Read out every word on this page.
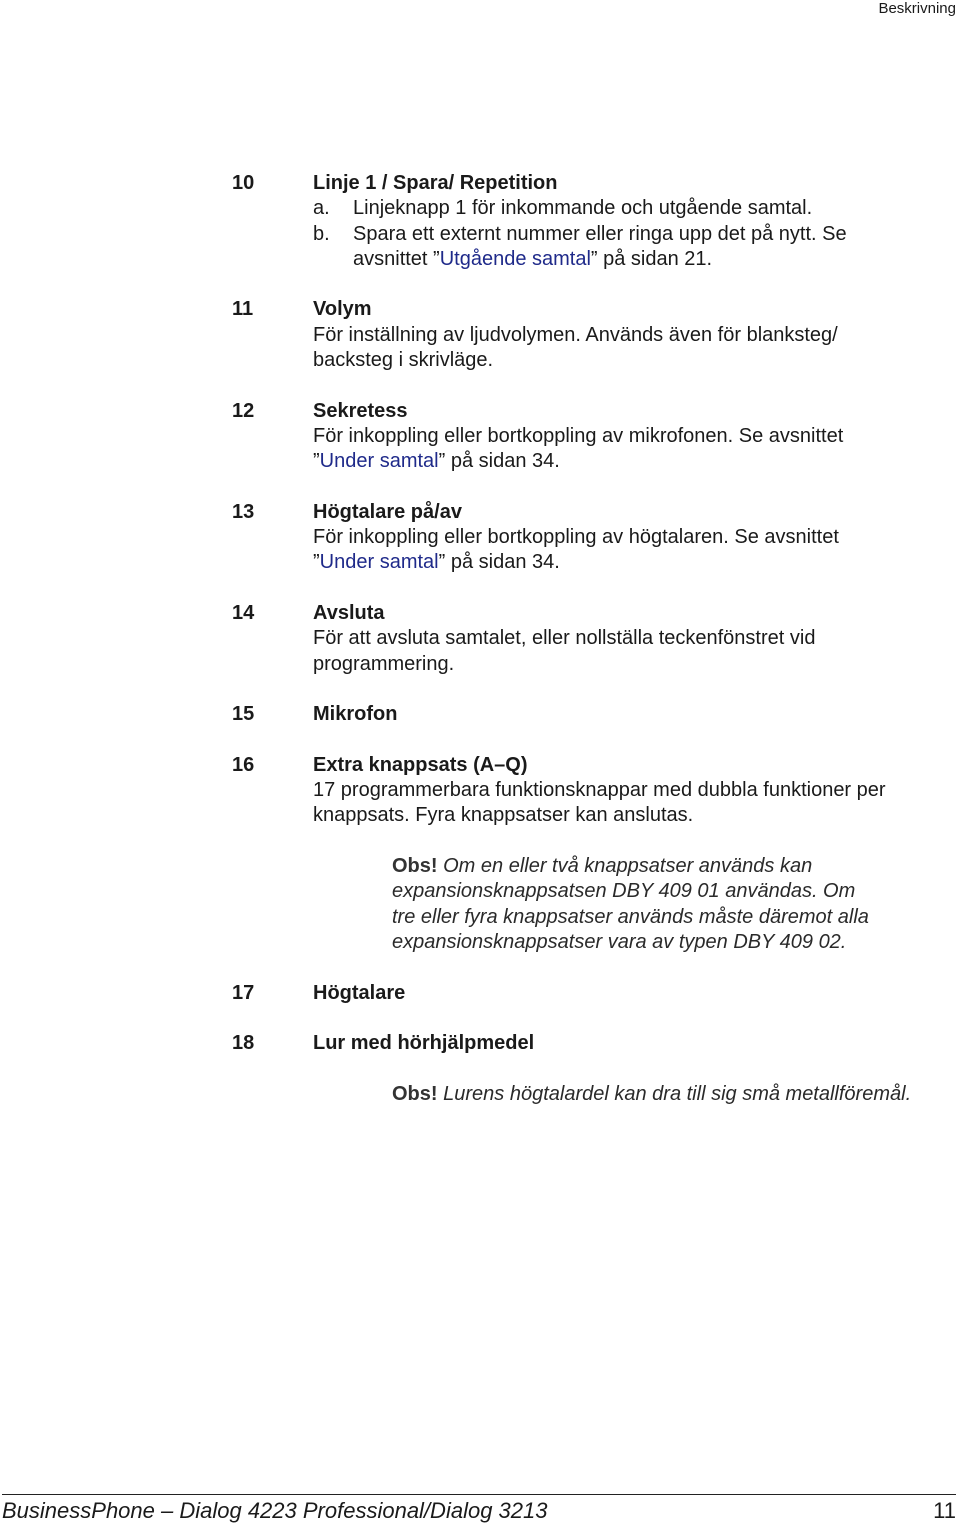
Beskrivning
10	Linje 1 / Spara/ Repetition
a. Linjeknapp 1 för inkommande och utgående samtal.
b. Spara ett externt nummer eller ringa upp det på nytt. Se
avsnittet ”Utgående samtal” på sidan 21.
11	Volym
För inställning av ljudvolymen. Används även för blanksteg/
backsteg i skrivläge.
12	Sekretess
För inkoppling eller bortkoppling av mikrofonen. Se avsnittet
”Under samtal” på sidan 34.
13	Högtalare på/av
För inkoppling eller bortkoppling av högtalaren. Se avsnittet
”Under samtal” på sidan 34.
14	Avsluta
För att avsluta samtalet, eller nollställa teckenfönstret vid
programmering.
15	Mikrofon
16	Extra knappsats (A–Q)
17 programmerbara funktionsknappar med dubbla funktioner per
knappsats. Fyra knappsatser kan anslutas.
Obs! Om en eller två knappsatser används kan
expansionsknappsatsen DBY 409 01 användas. Om
tre eller fyra knappsatser används måste däremot alla
expansionsknappsatser vara av typen DBY 409 02.
17	Högtalare
18	Lur med hörhjälpmedel
Obs! Lurens högtalardel kan dra till sig små metallföremål.
BusinessPhone – Dialog 4223 Professional/Dialog 3213	11
